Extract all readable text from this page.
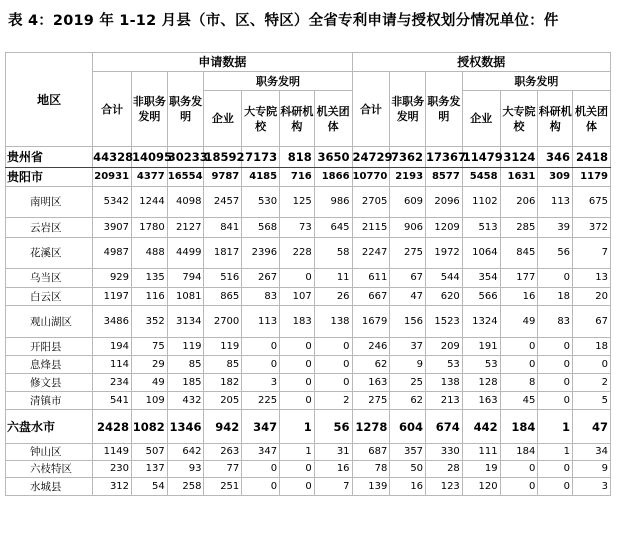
表 4：2019 年 1-12 月县（市、区、特区）全省专利申请与授权划分情况单位：件
地区	申请数据							授权数据						
	合计	非职务发明	职务发明	职务发明				合计	非职务发明	职务发明	职务发明			
				企业	大专院校	科研机构	机关团体				企业	大专院校	科研机构	机关团体
贵州省	44328	14095	30233	18592	7173	818	3650	24729	7362	17367	11479	3124	346	2418
贵阳市	20931	4377	16554	9787	4185	716	1866	10770	2193	8577	5458	1631	309	1179
南明区	5342	1244	4098	2457	530	125	986	2705	609	2096	1102	206	113	675
云岩区	3907	1780	2127	841	568	73	645	2115	906	1209	513	285	39	372
花溪区	4987	488	4499	1817	2396	228	58	2247	275	1972	1064	845	56	7
乌当区	929	135	794	516	267	0	11	611	67	544	354	177	0	13
白云区	1197	116	1081	865	83	107	26	667	47	620	566	16	18	20
观山湖区	3486	352	3134	2700	113	183	138	1679	156	1523	1324	49	83	67
开阳县	194	75	119	119	0	0	0	246	37	209	191	0	0	18
息烽县	114	29	85	85	0	0	0	62	9	53	53	0	0	0
修文县	234	49	185	182	3	0	0	163	25	138	128	8	0	2
清镇市	541	109	432	205	225	0	2	275	62	213	163	45	0	5
六盘水市	2428	1082	1346	942	347	1	56	1278	604	674	442	184	1	47
钟山区	1149	507	642	263	347	1	31	687	357	330	111	184	1	34
六枝特区	230	137	93	77	0	0	16	78	50	28	19	0	0	9
水城县	312	54	258	251	0	0	7	139	16	123	120	0	0	3
